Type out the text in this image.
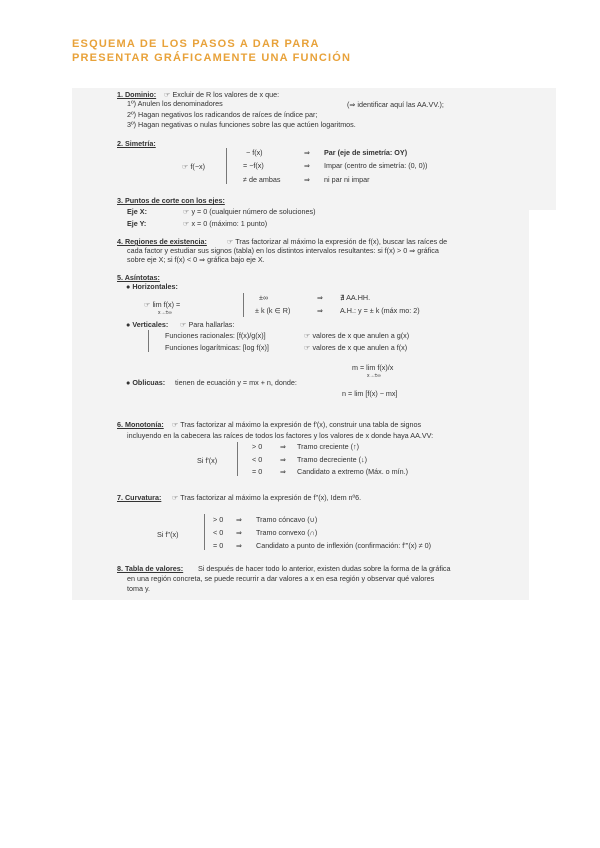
ESQUEMA DE LOS PASOS A DAR PARA
PRESENTAR GRÁFICAMENTE UNA FUNCIÓN
1. Dominio: ☞ Excluir de R los valores de x que:
1º) Anulen los denominadores	(⇒ identificar aquí las AA.VV.);
2º) Hagan negativos los radicandos de raíces de índice par;
3º) Hagan negativas o nulas funciones sobre las que actúen logaritmos.
2. Simetría:
☞ f(−x)
− f(x)	⇒ Par (eje de simetría: OY)
= −f(x)	⇒ Impar (centro de simetría: (0, 0))
≠ de ambas	⇒ ni par ni impar
3. Puntos de corte con los ejes:
Eje X:	☞ y = 0 (cualquier número de soluciones)
Eje Y:	☞ x = 0 (máximo: 1 punto)
4. Regiones de existencia:	☞ Tras factorizar al máximo la expresión de f(x), buscar las raíces de
cada factor y estudiar sus signos (tabla) en los distintos intervalos resultantes: si f(x) > 0 ⇒ gráfica
sobre eje X; si f(x) < 0 ⇒ gráfica bajo eje X.
5. Asíntotas:
● Horizontales:
☞ lim f(x) =
x→±∞
±∞	⇒ ∄ AA.HH.
± k (k ∈ R)	⇒ A.H.: y = ± k (máx mo: 2)
● Verticales: ☞ Para hallarlas:
Funciones racionales: [f(x)/g(x)]	☞ valores de x que anulen a g(x)
Funciones logarítmicas: [log f(x)]	☞ valores de x que anulen a f(x)
m = lim f(x)/x
x→±∞
● Oblicuas: tienen de ecuación y = mx + n, donde:
n = lim [f(x) − mx]
6. Monotonía: ☞ Tras factorizar al máximo la expresión de f'(x), construir una tabla de signos
incluyendo en la cabecera las raíces de todos los factores y los valores de x donde haya AA.VV:
Si f'(x)
> 0 ⇒ Tramo creciente (↑)
< 0 ⇒ Tramo decreciente (↓)
= 0 ⇒ Candidato a extremo (Máx. o mín.)
7. Curvatura: ☞ Tras factorizar al máximo la expresión de f''(x), Idem nº6.
Si f''(x)
> 0 ⇒ Tramo cóncavo (∪)
< 0 ⇒ Tramo convexo (∩)
= 0 ⇒ Candidato a punto de inflexión (confirmación: f'''(x) ≠ 0)
8. Tabla de valores: Si después de hacer todo lo anterior, existen dudas sobre la forma de la gráfica
en una región concreta, se puede recurrir a dar valores a x en esa región y observar qué valores
toma y.
